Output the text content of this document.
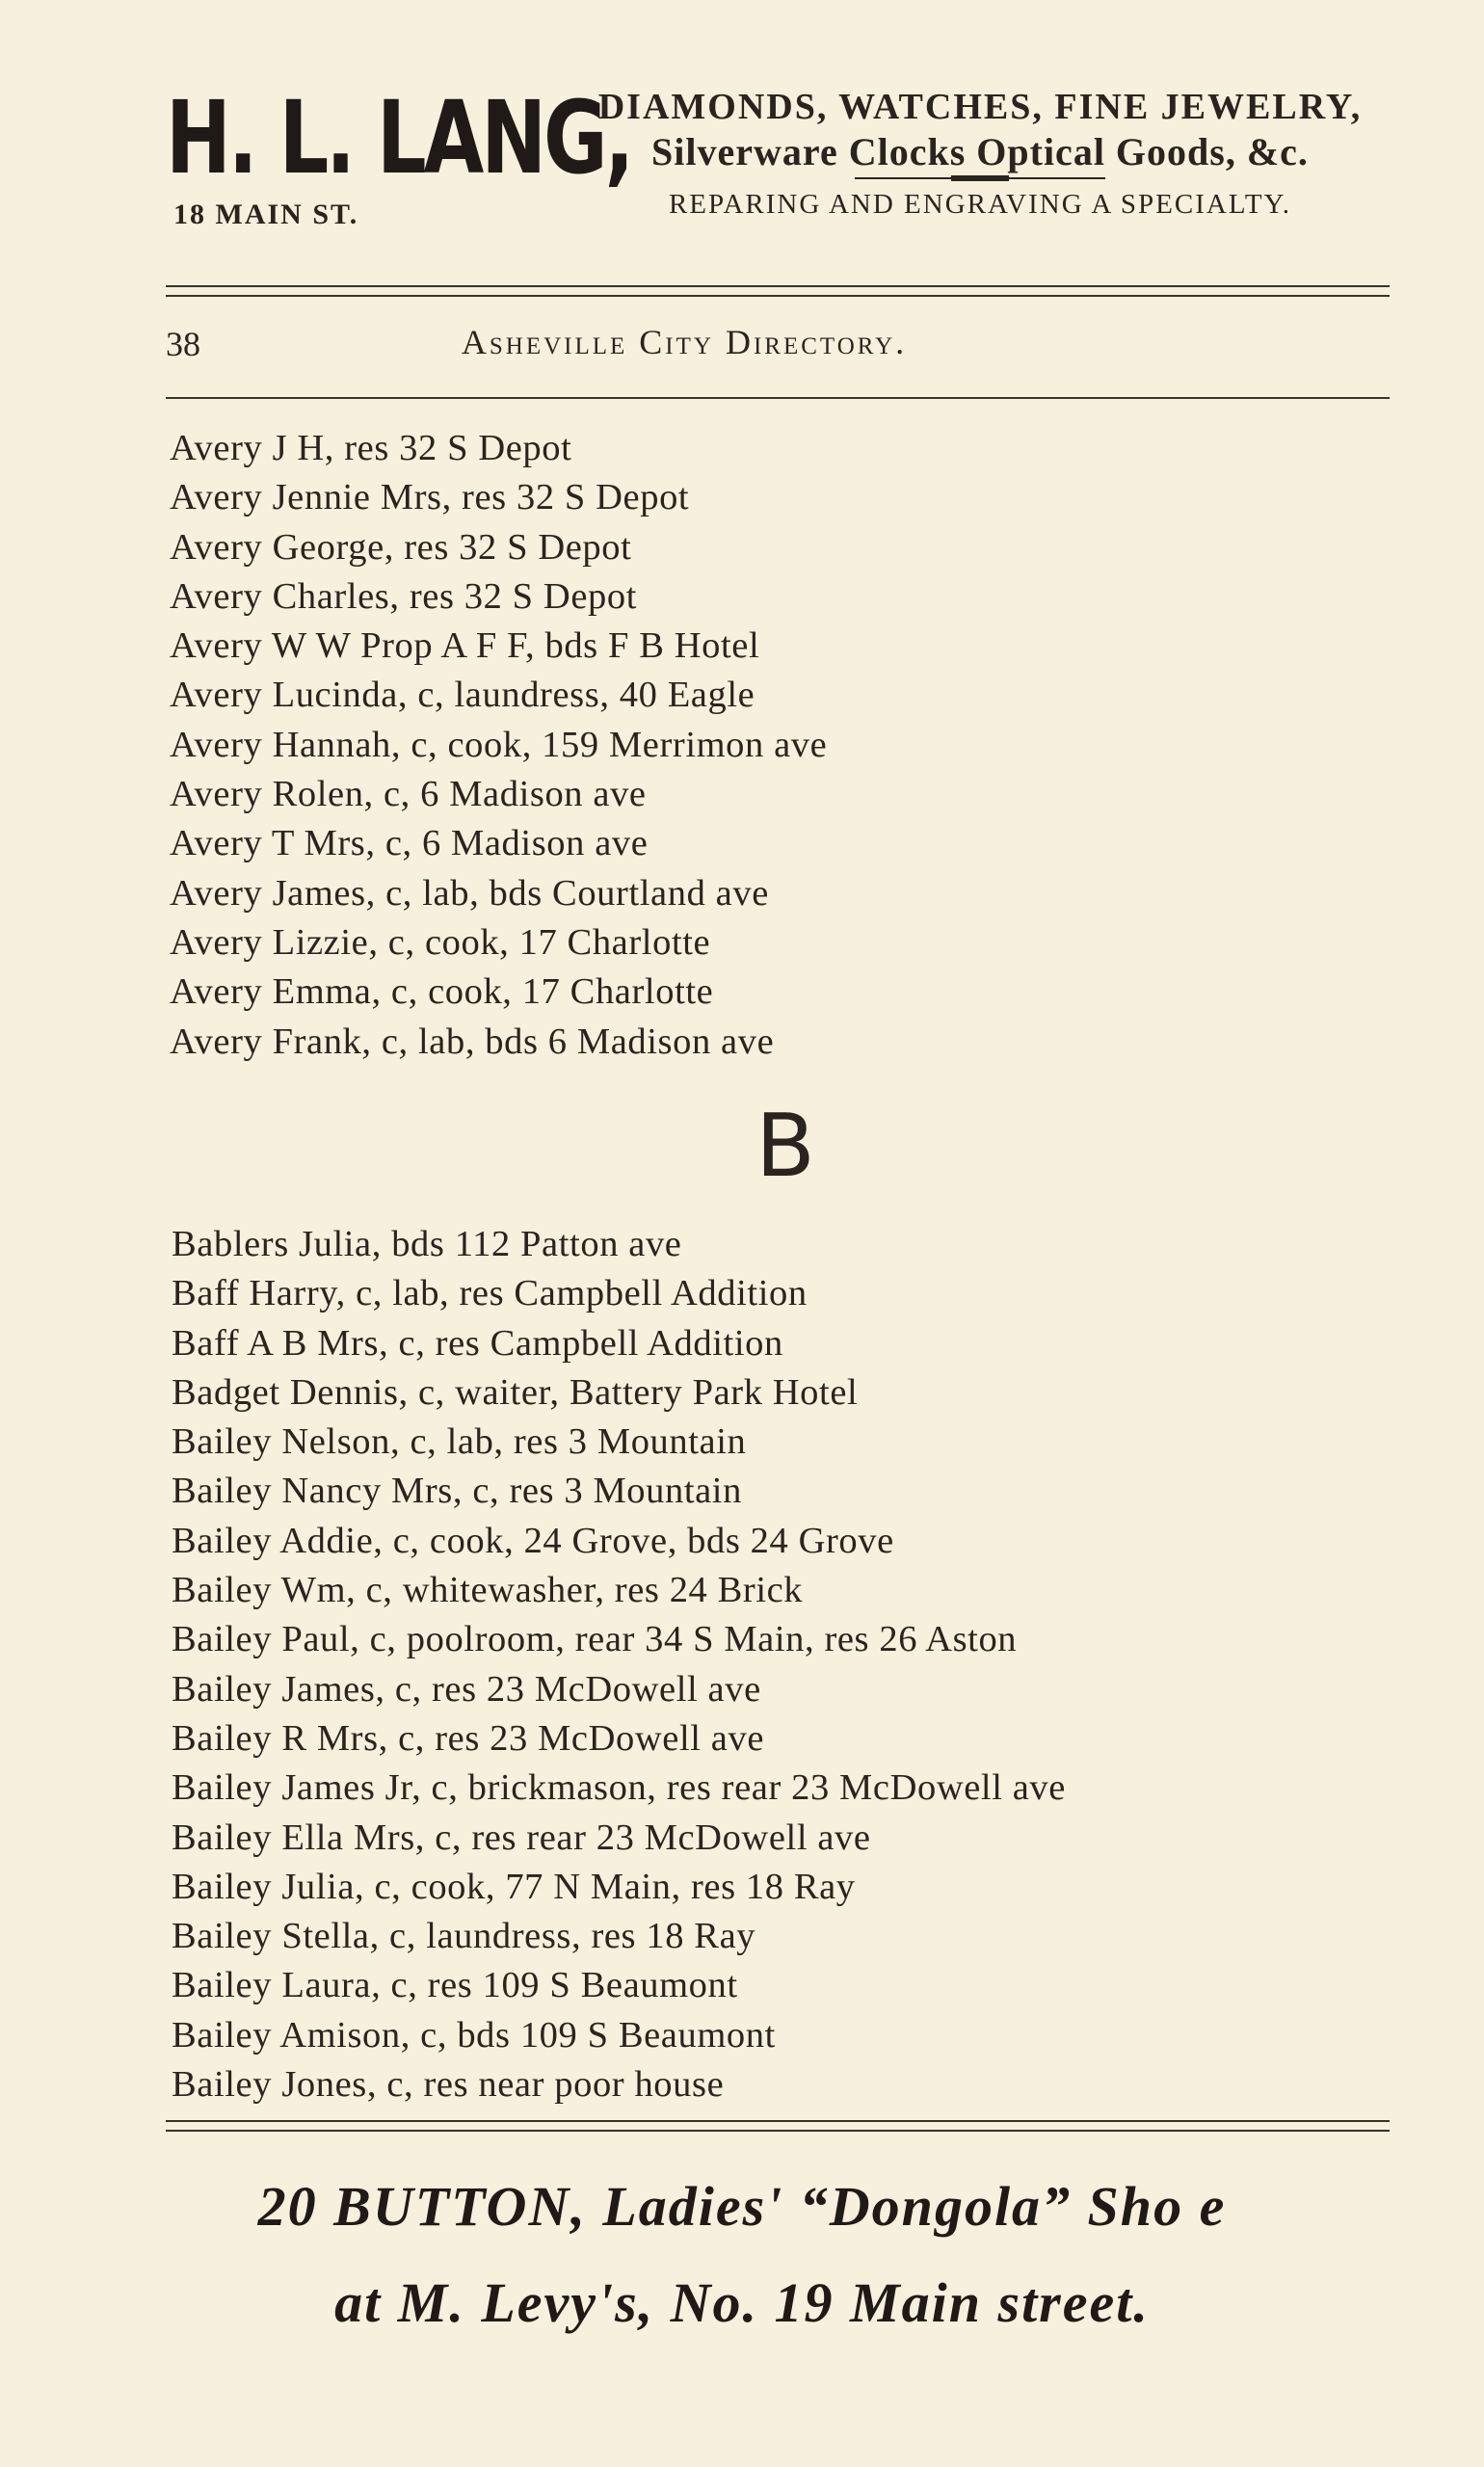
H. L. LANG,
18 MAIN ST.
DIAMONDS, WATCHES, FINE JEWELRY,
Silverware Clocks Optical Goods, &c.
REPARING AND ENGRAVING A SPECIALTY.
38	Asheville City Directory.
Avery J H, res 32 S Depot
Avery Jennie Mrs, res 32 S Depot
Avery George, res 32 S Depot
Avery Charles, res 32 S Depot
Avery W W Prop A F F, bds F B Hotel
Avery Lucinda, c, laundress, 40 Eagle
Avery Hannah, c, cook, 159 Merrimon ave
Avery Rolen, c, 6 Madison ave
Avery T Mrs, c, 6 Madison ave
Avery James, c, lab, bds Courtland ave
Avery Lizzie, c, cook, 17 Charlotte
Avery Emma, c, cook, 17 Charlotte
Avery Frank, c, lab, bds 6 Madison ave
B
Bablers Julia, bds 112 Patton ave
Baff Harry, c, lab, res Campbell Addition
Baff A B Mrs, c, res Campbell Addition
Badget Dennis, c, waiter, Battery Park Hotel
Bailey Nelson, c, lab, res 3 Mountain
Bailey Nancy Mrs, c, res 3 Mountain
Bailey Addie, c, cook, 24 Grove, bds 24 Grove
Bailey Wm, c, whitewasher, res 24 Brick
Bailey Paul, c, poolroom, rear 34 S Main, res 26 Aston
Bailey James, c, res 23 McDowell ave
Bailey R Mrs, c, res 23 McDowell ave
Bailey James Jr, c, brickmason, res rear 23 McDowell ave
Bailey Ella Mrs, c, res rear 23 McDowell ave
Bailey Julia, c, cook, 77 N Main, res 18 Ray
Bailey Stella, c, laundress, res 18 Ray
Bailey Laura, c, res 109 S Beaumont
Bailey Amison, c, bds 109 S Beaumont
Bailey Jones, c, res near poor house
20 BUTTON, Ladies' “Dongola” Sho e
at M. Levy's, No. 19 Main street.
